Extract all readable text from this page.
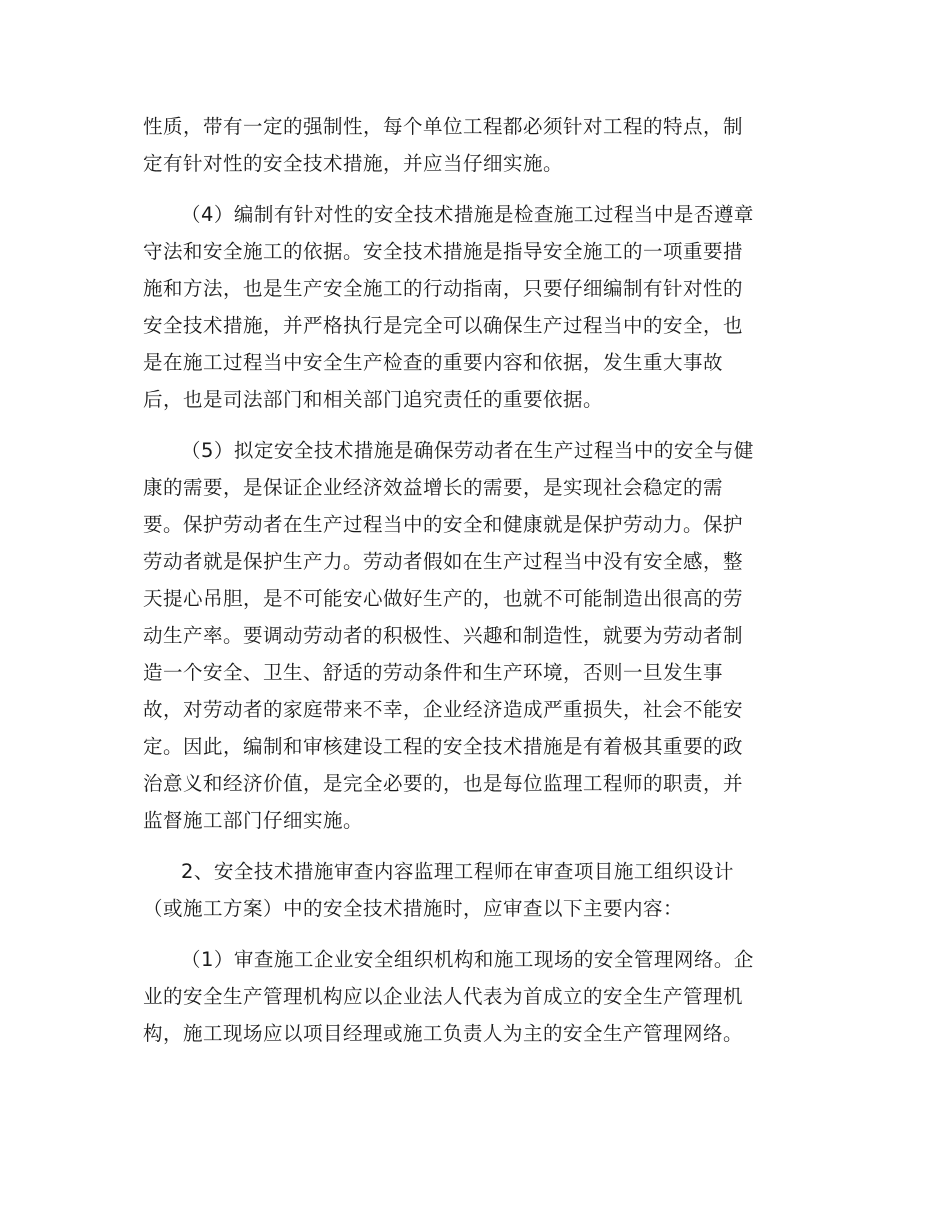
性质，带有一定的强制性，每个单位工程都必须针对工程的特点，制
定有针对性的安全技术措施，并应当仔细实施。
（4）编制有针对性的安全技术措施是检查施工过程当中是否遵章
守法和安全施工的依据。安全技术措施是指导安全施工的一项重要措
施和方法，也是生产安全施工的行动指南，只要仔细编制有针对性的
安全技术措施，并严格执行是完全可以确保生产过程当中的安全，也
是在施工过程当中安全生产检查的重要内容和依据，发生重大事故
后，也是司法部门和相关部门追究责任的重要依据。
（5）拟定安全技术措施是确保劳动者在生产过程当中的安全与健
康的需要，是保证企业经济效益增长的需要，是实现社会稳定的需
要。保护劳动者在生产过程当中的安全和健康就是保护劳动力。保护
劳动者就是保护生产力。劳动者假如在生产过程当中没有安全感，整
天提心吊胆，是不可能安心做好生产的，也就不可能制造出很高的劳
动生产率。要调动劳动者的积极性、兴趣和制造性，就要为劳动者制
造一个安全、卫生、舒适的劳动条件和生产环境，否则一旦发生事
故，对劳动者的家庭带来不幸，企业经济造成严重损失，社会不能安
定。因此，编制和审核建设工程的安全技术措施是有着极其重要的政
治意义和经济价值，是完全必要的，也是每位监理工程师的职责，并
监督施工部门仔细实施。
2、安全技术措施审查内容监理工程师在审查项目施工组织设计
（或施工方案）中的安全技术措施时，应审查以下主要内容：
（1）审查施工企业安全组织机构和施工现场的安全管理网络。企
业的安全生产管理机构应以企业法人代表为首成立的安全生产管理机
构，施工现场应以项目经理或施工负责人为主的安全生产管理网络。
